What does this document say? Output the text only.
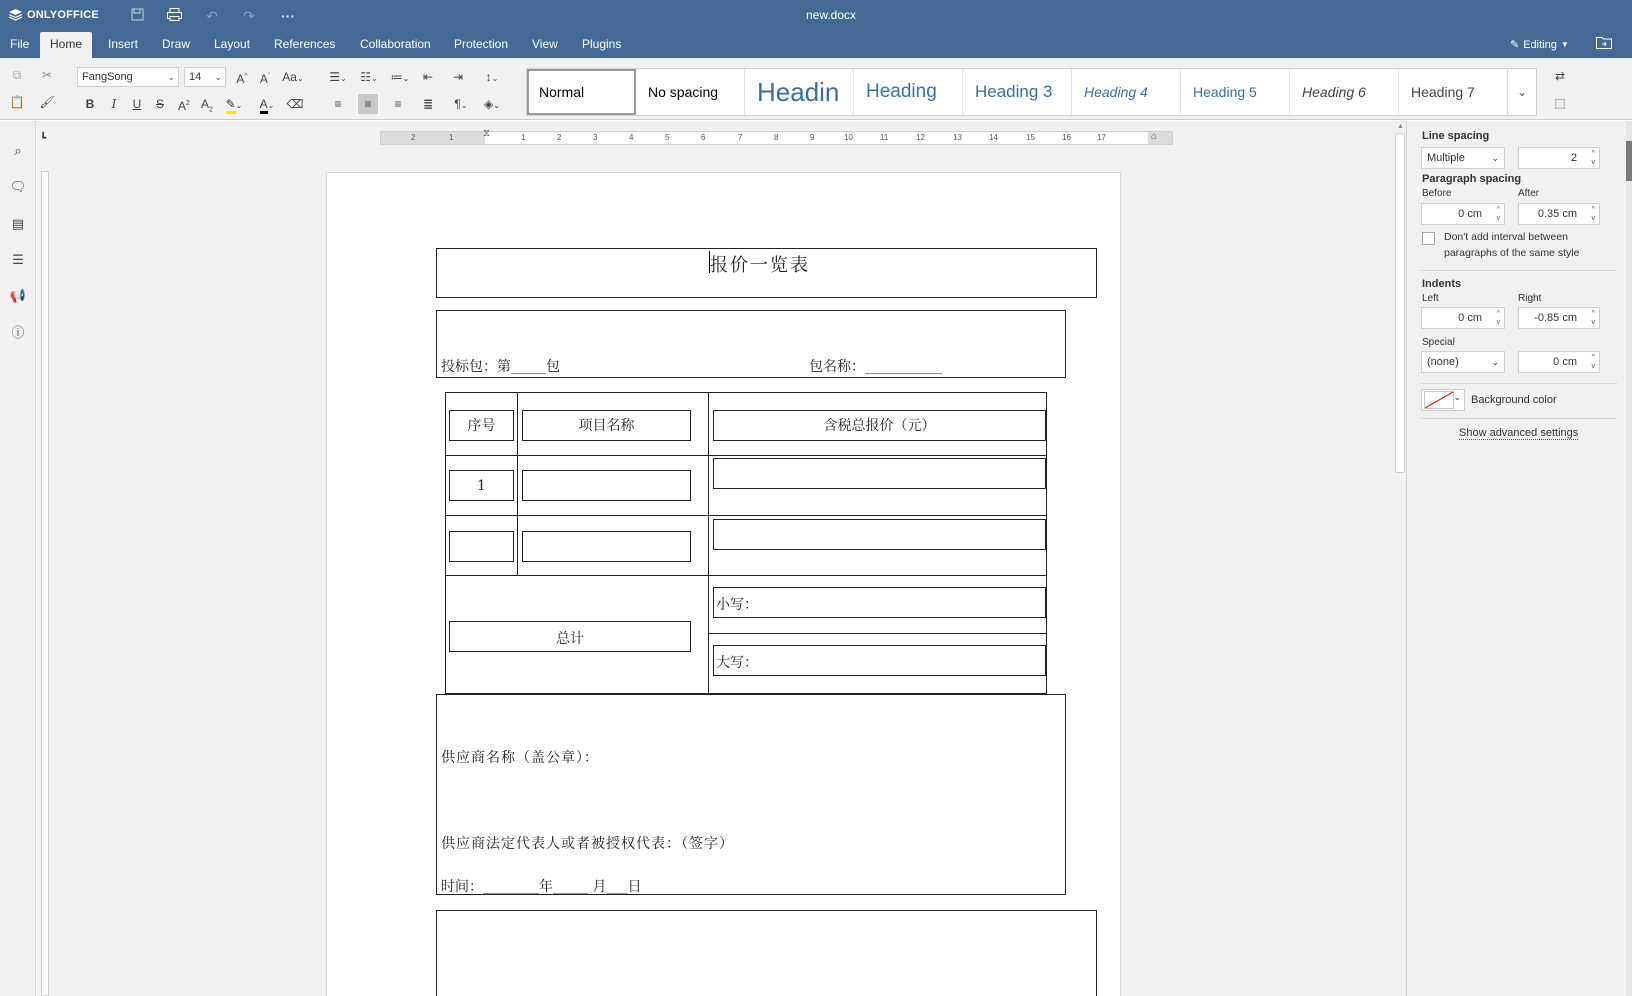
ONLYOFFICE	↶	↷	···	new.docx
File	Home	Insert	Draw	Layout	References	Collaboration	Protection	View	Plugins	✎ Editing ▼
⧉	✂
📋 🖌
FangSong	⌄	14 ⌄	A^	$A^ˇ$	Aa⌄
B	I	U	S	$A^2$ $A_2$	✎⌄	A⌄	⌫
☰⌄	☷⌄	≔⌄	⇤	⇥	↕⌄
≡	≡	≡	≣	¶⌄	◈⌄
⇄
⬚
Normal	No spacing	Headin	Heading	Heading 3	Heading 4	Heading 5	Heading 6	Heading 7	⌄
⌕
🗨
▤
☰
📢
ⓘ
┗	2	1	1	2	3	4	5	6	7	8	9	10	11	12	13	14	15	16	17
⧖	⌂
报价一览表
投标包：第_____包	包名称：___________
序号	项目名称	含税总报价（元）
1
总计
小写：
大写：
供应商名称（盖公章）：
供应商法定代表人或者被授权代表：（签字）
时间：________年_____ 月___日
▲
Line spacing
Multiple	⌄	2 ^
v
Paragraph spacing
Before	After
0 cm ^
v	0.35 cm ^
v
Don't add interval between
paragraphs of the same style
Indents
Left	Right
0 cm ^
v	-0.85 cm ^
v
Special
(none)	⌄	0 cm ^
v
⌄ Background color
Show advanced settings
